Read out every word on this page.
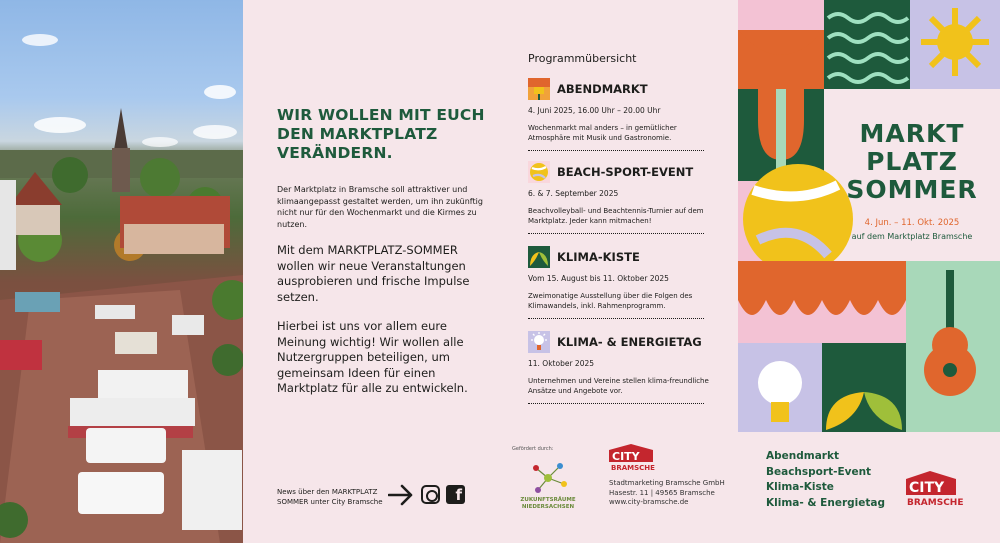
WIR WOLLEN MIT EUCH DEN MARKTPLATZ VERÄNDERN.
Der Marktplatz in Bramsche soll attraktiver und klimaangepasst gestaltet werden, um ihn zukünftig nicht nur für den Wochenmarkt und die Kirmes zu nutzen.
Mit dem MARKTPLATZ-SOMMER wollen wir neue Veranstaltungen ausprobieren und frische Impulse setzen.
Hierbei ist uns vor allem eure Meinung wichtig! Wir wollen alle Nutzergruppen beteiligen, um gemeinsam Ideen für einen Marktplatz für alle zu entwickeln.
News über den MARKTPLATZ SOMMER unter City Bramsche	f
Programmübersicht
ABENDMARKT
4. Juni 2025, 16.00 Uhr – 20.00 Uhr
Wochenmarkt mal anders – in gemütlicher Atmosphäre mit Musik und Gastronomie.
BEACH-SPORT-EVENT
6. & 7. September 2025
Beachvolleyball- und Beachtennis-Turnier auf dem Marktplatz. Jeder kann mitmachen!
KLIMA-KISTE
Vom 15. August bis 11. Oktober 2025
Zweimonatige Ausstellung über die Folgen des Klimawandels, inkl. Rahmenprogramm.
KLIMA- & ENERGIETAG
11. Oktober 2025
Unternehmen und Vereine stellen klima-freundliche Ansätze und Angebote vor.
Gefördert durch:
ZUKUNFTSRÄUME NIEDERSACHSEN
CITY
BRAMSCHE
Stadtmarketing Bramsche GmbH
Hasestr. 11 | 49565 Bramsche
www.city-bramsche.de
MARKT
PLATZ
SOMMER
4. Jun. – 11. Okt. 2025
auf dem Marktplatz Bramsche
Abendmarkt
Beachsport-Event
Klima-Kiste
Klima- & Energietag
CITY
BRAMSCHE
